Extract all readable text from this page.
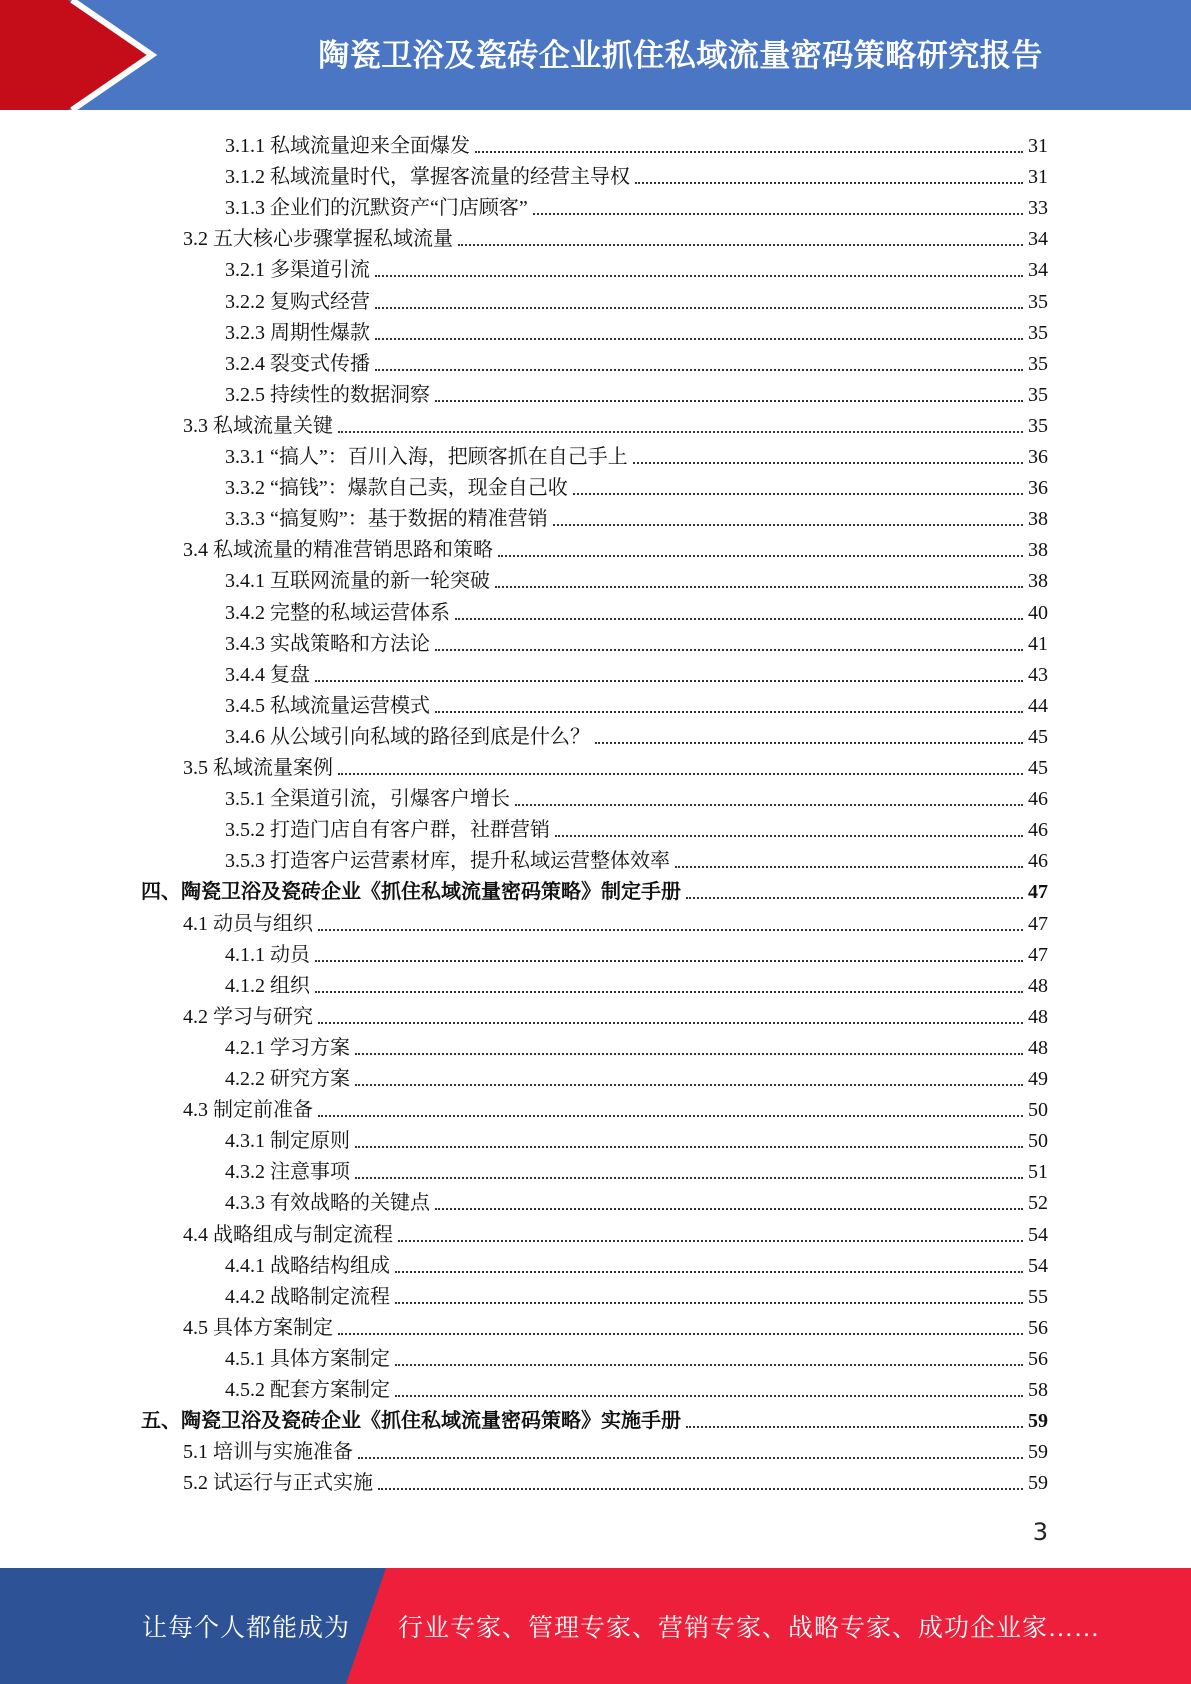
陶瓷卫浴及瓷砖企业抓住私域流量密码策略研究报告
3.1.1 私域流量迎来全面爆发	31
3.1.2 私域流量时代，掌握客流量的经营主导权	31
3.1.3 企业们的沉默资产“门店顾客”	33
3.2 五大核心步骤掌握私域流量	34
3.2.1 多渠道引流	34
3.2.2 复购式经营	35
3.2.3 周期性爆款	35
3.2.4 裂变式传播	35
3.2.5 持续性的数据洞察	35
3.3 私域流量关键	35
3.3.1 “搞人”：百川入海，把顾客抓在自己手上	36
3.3.2 “搞钱”：爆款自己卖，现金自己收	36
3.3.3 “搞复购”：基于数据的精准营销	38
3.4 私域流量的精准营销思路和策略	38
3.4.1 互联网流量的新一轮突破	38
3.4.2 完整的私域运营体系	40
3.4.3 实战策略和方法论	41
3.4.4 复盘	43
3.4.5 私域流量运营模式	44
3.4.6 从公域引向私域的路径到底是什么？	45
3.5 私域流量案例	45
3.5.1 全渠道引流，引爆客户增长	46
3.5.2 打造门店自有客户群，社群营销	46
3.5.3 打造客户运营素材库，提升私域运营整体效率	46
四、陶瓷卫浴及瓷砖企业《抓住私域流量密码策略》制定手册	47
4.1 动员与组织	47
4.1.1 动员	47
4.1.2 组织	48
4.2 学习与研究	48
4.2.1 学习方案	48
4.2.2 研究方案	49
4.3 制定前准备	50
4.3.1 制定原则	50
4.3.2 注意事项	51
4.3.3 有效战略的关键点	52
4.4 战略组成与制定流程	54
4.4.1 战略结构组成	54
4.4.2 战略制定流程	55
4.5 具体方案制定	56
4.5.1 具体方案制定	56
4.5.2 配套方案制定	58
五、陶瓷卫浴及瓷砖企业《抓住私域流量密码策略》实施手册	59
5.1 培训与实施准备	59
5.2 试运行与正式实施	59
3
让每个人都能成为 行业专家、管理专家、营销专家、战略专家、成功企业家……
